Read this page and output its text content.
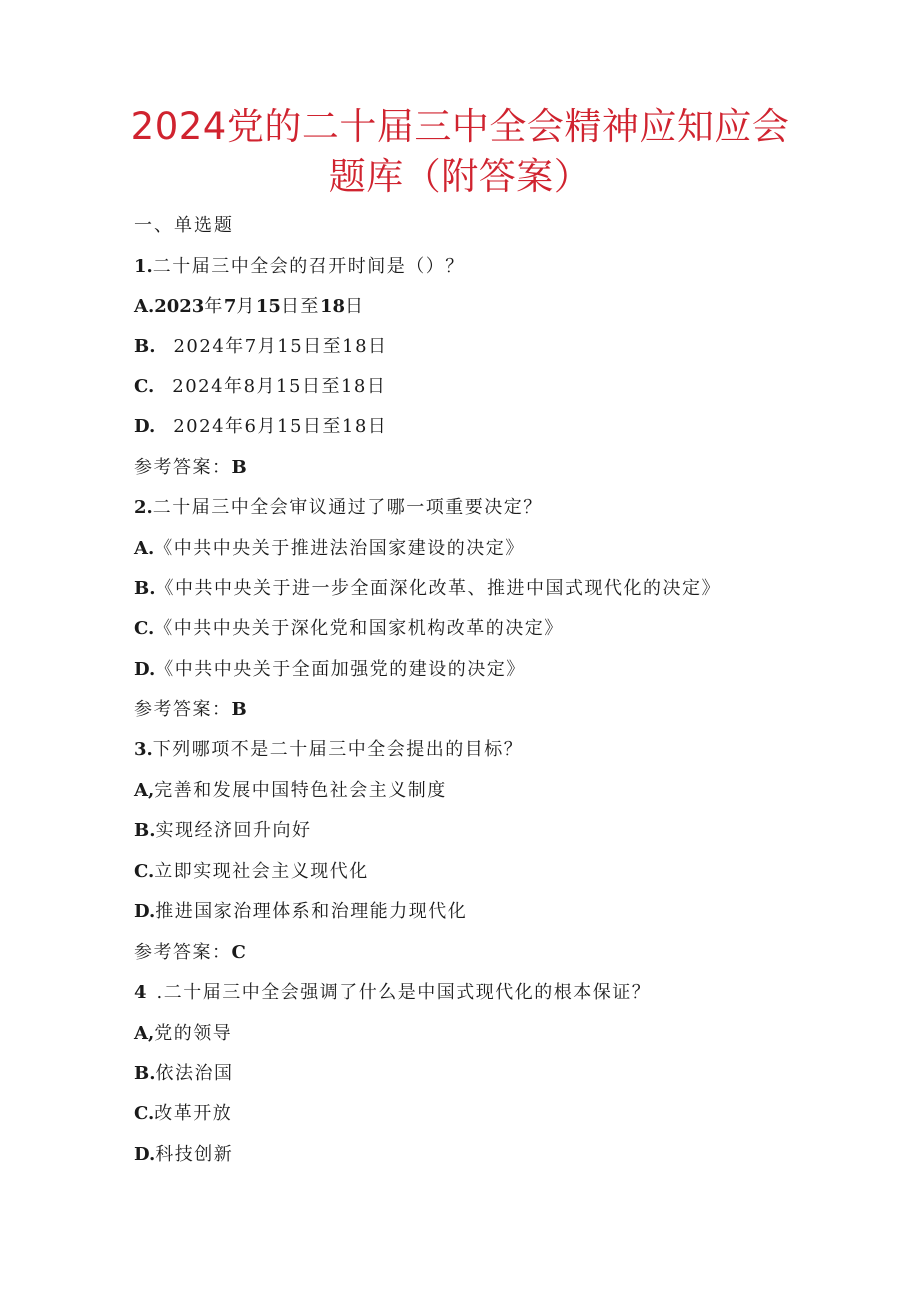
2024党的二十届三中全会精神应知应会
题库（附答案）
一、单选题
1.二十届三中全会的召开时间是（）？
A.2023年7月15日至18日
B. 2024年7月15日至18日
C. 2024年8月15日至18日
D. 2024年6月15日至18日
参考答案：B
2.二十届三中全会审议通过了哪一项重要决定？
A.《中共中央关于推进法治国家建设的决定》
B.《中共中央关于进一步全面深化改革、推进中国式现代化的决定》
C.《中共中央关于深化党和国家机构改革的决定》
D.《中共中央关于全面加强党的建设的决定》
参考答案：B
3.下列哪项不是二十届三中全会提出的目标？
A,完善和发展中国特色社会主义制度
B.实现经济回升向好
C.立即实现社会主义现代化
D.推进国家治理体系和治理能力现代化
参考答案：C
4 .二十届三中全会强调了什么是中国式现代化的根本保证？
A,党的领导
B.依法治国
C.改革开放
D.科技创新
